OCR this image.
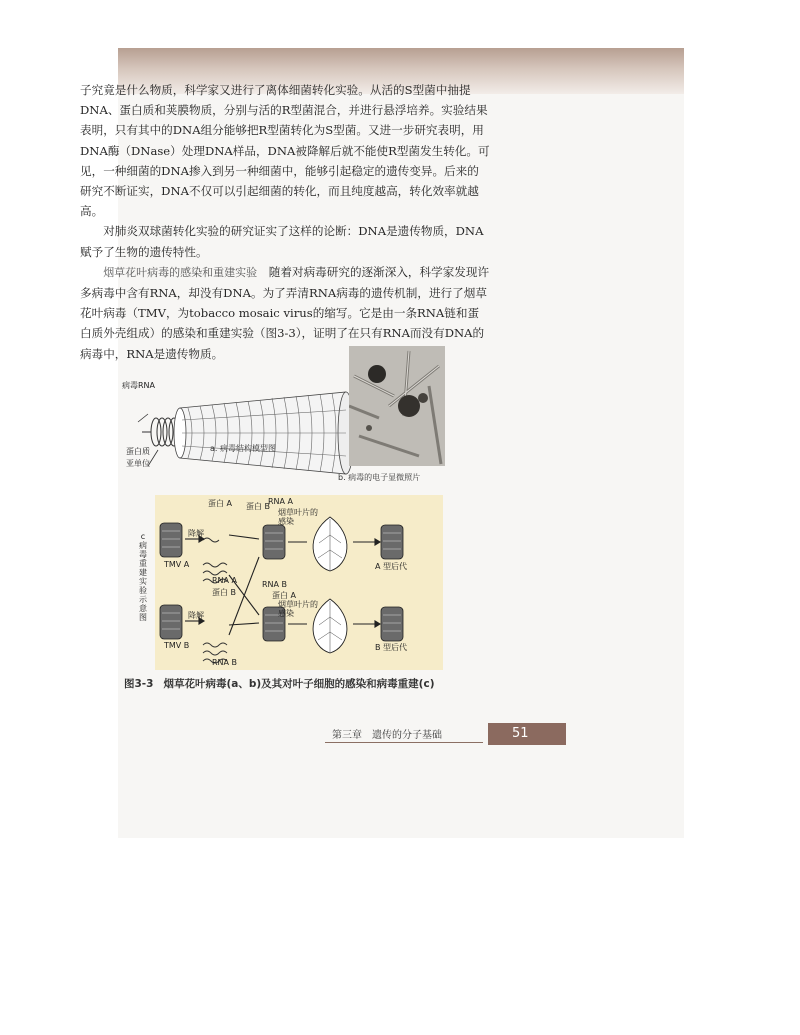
子究竟是什么物质，科学家又进行了离体细菌转化实验。从活的S型菌中抽提DNA、蛋白质和荚膜物质，分别与活的R型菌混合，并进行悬浮培养。实验结果表明，只有其中的DNA组分能够把R型菌转化为S型菌。又进一步研究表明，用DNA酶（DNase）处理DNA样品，DNA被降解后就不能使R型菌发生转化。可见，一种细菌的DNA掺入到另一种细菌中，能够引起稳定的遗传变异。后来的研究不断证实，DNA不仅可以引起细菌的转化，而且纯度越高，转化效率就越高。

对肺炎双球菌转化实验的研究证实了这样的论断：DNA是遗传物质，DNA赋予了生物的遗传特性。

烟草花叶病毒的感染和重建实验　随着对病毒研究的逐渐深入，科学家发现许多病毒中含有RNA，却没有DNA。为了弄清RNA病毒的遗传机制，进行了烟草花叶病毒（TMV，为tobacco mosaic virus的缩写。它是由一条RNA链和蛋白质外壳组成）的感染和重建实验（图3-3），证明了在只有RNA而没有DNA的病毒中，RNA是遗传物质。

病毒RNA
蛋白质
亚单位
a. 病毒结构模型图
b. 病毒的电子显微照片
c 病毒重建实验示意图
TMV A
TMV B
降解
降解
蛋白 A 蛋白 B
RNA A
RNA A
蛋白 B
RNA B
蛋白 A
RNA B
烟草叶片的感染
烟草叶片的感染
A 型后代
B 型后代
图3-3 烟草花叶病毒(a、b)及其对叶子细胞的感染和病毒重建(c)
第三章　遗传的分子基础	51
